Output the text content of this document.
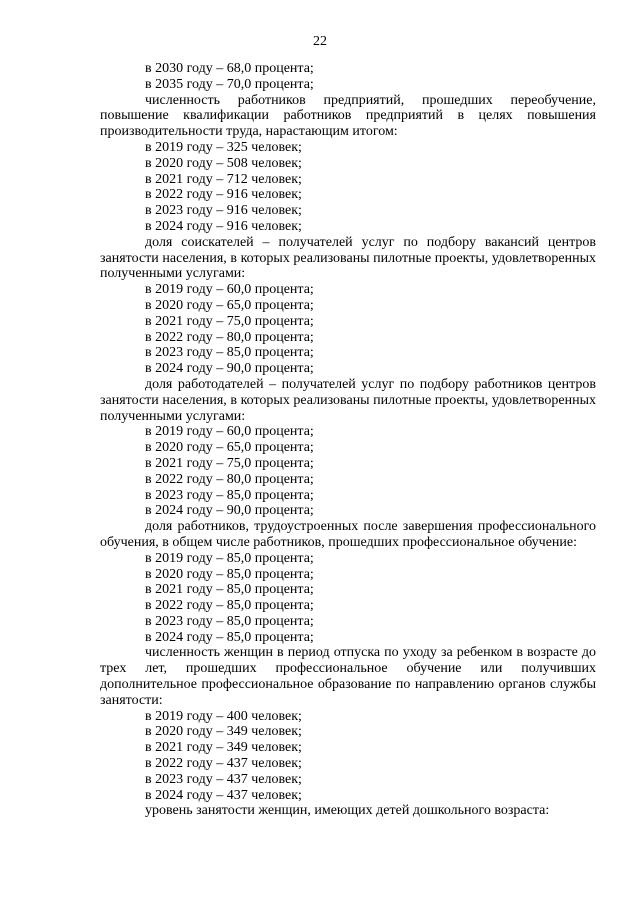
22
в 2030 году – 68,0 процента;
в 2035 году – 70,0 процента;
численность работников предприятий, прошедших переобучение, повышение квалификации работников предприятий в целях повышения производительности труда, нарастающим итогом:
в 2019 году – 325 человек;
в 2020 году – 508 человек;
в 2021 году – 712 человек;
в 2022 году – 916 человек;
в 2023 году – 916 человек;
в 2024 году – 916 человек;
доля соискателей – получателей услуг по подбору вакансий центров занятости населения, в которых реализованы пилотные проекты, удовлетворенных полученными услугами:
в 2019 году – 60,0 процента;
в 2020 году – 65,0 процента;
в 2021 году – 75,0 процента;
в 2022 году – 80,0 процента;
в 2023 году – 85,0 процента;
в 2024 году – 90,0 процента;
доля работодателей – получателей услуг по подбору работников центров занятости населения, в которых реализованы пилотные проекты, удовлетворенных полученными услугами:
в 2019 году – 60,0 процента;
в 2020 году – 65,0 процента;
в 2021 году – 75,0 процента;
в 2022 году – 80,0 процента;
в 2023 году – 85,0 процента;
в 2024 году – 90,0 процента;
доля работников, трудоустроенных после завершения профессионального обучения, в общем числе работников, прошедших профессиональное обучение:
в 2019 году – 85,0 процента;
в 2020 году – 85,0 процента;
в 2021 году – 85,0 процента;
в 2022 году – 85,0 процента;
в 2023 году – 85,0 процента;
в 2024 году – 85,0 процента;
численность женщин в период отпуска по уходу за ребенком в возрасте до трех лет, прошедших профессиональное обучение или получивших дополнительное профессиональное образование по направлению органов службы занятости:
в 2019 году – 400 человек;
в 2020 году – 349 человек;
в 2021 году – 349 человек;
в 2022 году – 437 человек;
в 2023 году – 437 человек;
в 2024 году – 437 человек;
уровень занятости женщин, имеющих детей дошкольного возраста:
